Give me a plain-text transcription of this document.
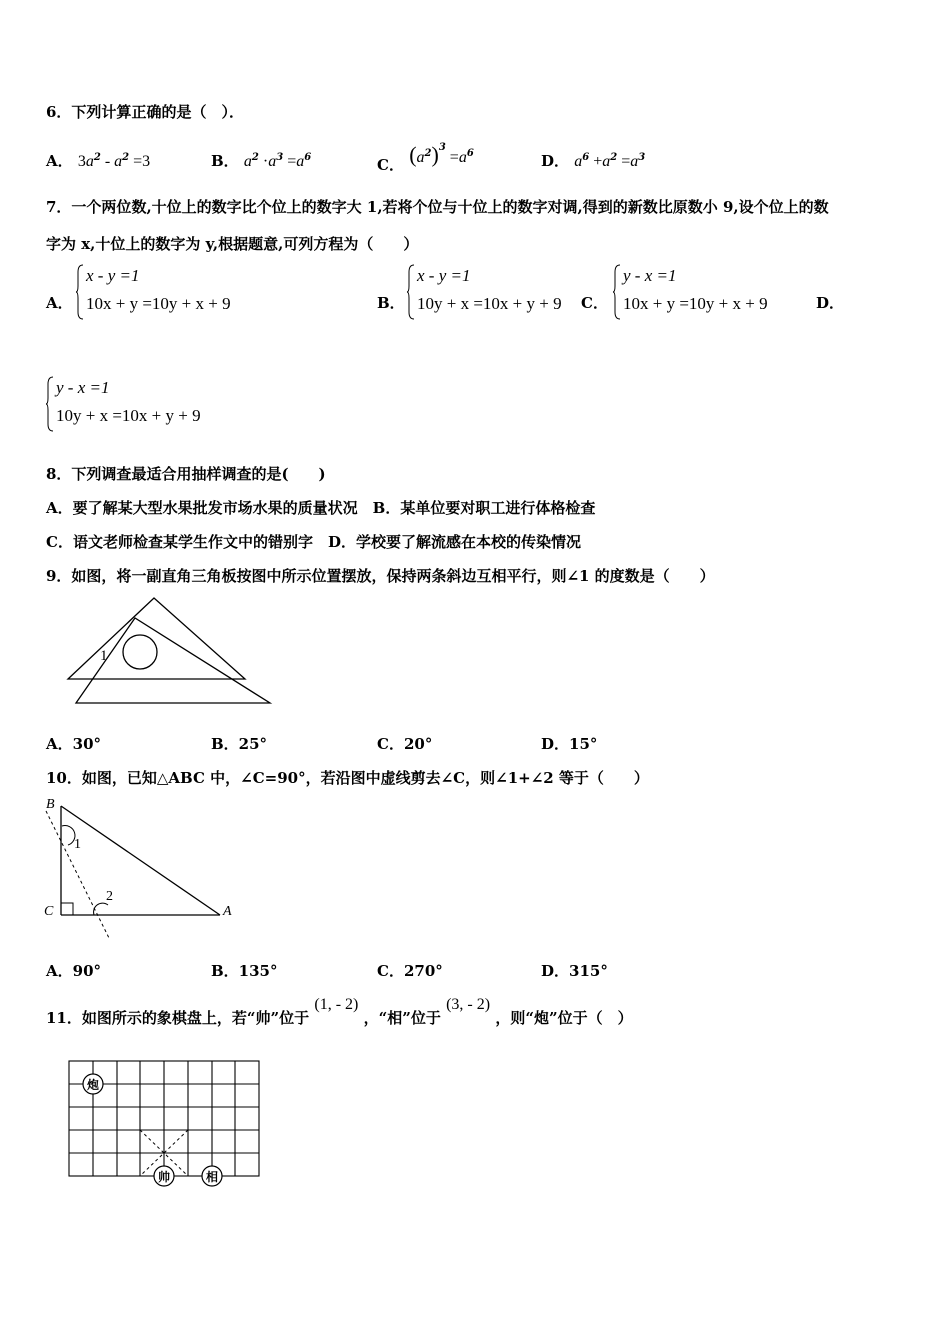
6．下列计算正确的是（　）．
A． $3a^2 - a^2 =3$	B． $a^2 \cdot a^3 =a^6$	C． $(a^2)^3 =a^6$	D． $a^6 +a^2 =a^3$
7．一个两位数,十位上的数字比个位上的数字大 1,若将个位与十位上的数字对调,得到的新数比原数小 9,设个位上的数
字为 x,十位上的数字为 y,根据题意,可列方程为（　　）
A．
x - y =1
10x + y =10y + x + 9	B．
x - y =1
10y + x =10x + y + 9 C．
y - x =1
10x + y =10y + x + 9	D．
y - x =1
10y + x =10x + y + 9
8．下列调查最适合用抽样调查的是(　　)
A．要了解某大型水果批发市场水果的质量状况　B．某单位要对职工进行体格检查
C．语文老师检查某学生作文中的错别字　D．学校要了解流感在本校的传染情况
9．如图，将一副直角三角板按图中所示位置摆放，保持两条斜边互相平行，则∠1 的度数是（　　）
1
A．30°	B．25°	C．20°	D．15°
10．如图，已知△ABC 中，∠C=90°，若沿图中虚线剪去∠C，则∠1+∠2 等于（　　）
B
C	A
1
2
A．90°	B．135°	C．270°	D．315°
11．如图所示的象棋盘上，若“帅”位于 (1, - 2) ，“相”位于 (3, - 2) ，则“炮”位于（　）
炮
帅	相
